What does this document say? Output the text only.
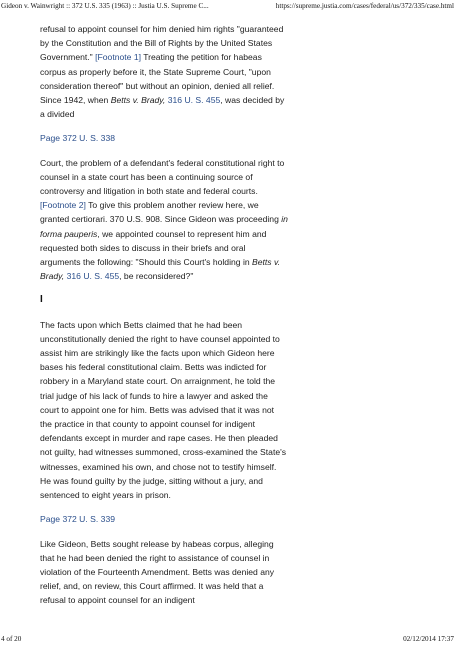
Gideon v. Wainwright :: 372 U.S. 335 (1963) :: Justia U.S. Supreme C...	https://supreme.justia.com/cases/federal/us/372/335/case.html

refusal to appoint counsel for him denied him rights "guaranteed by the Constitution and the Bill of Rights by the United States Government." [Footnote 1] Treating the petition for habeas corpus as properly before it, the State Supreme Court, "upon consideration thereof" but without an opinion, denied all relief. Since 1942, when Betts v. Brady, 316 U. S. 455, was decided by a divided

Page 372 U. S. 338

Court, the problem of a defendant's federal constitutional right to counsel in a state court has been a continuing source of controversy and litigation in both state and federal courts. [Footnote 2] To give this problem another review here, we granted certiorari. 370 U.S. 908. Since Gideon was proceeding in forma pauperis, we appointed counsel to represent him and requested both sides to discuss in their briefs and oral arguments the following: "Should this Court's holding in Betts v. Brady, 316 U. S. 455, be reconsidered?"

I

The facts upon which Betts claimed that he had been unconstitutionally denied the right to have counsel appointed to assist him are strikingly like the facts upon which Gideon here bases his federal constitutional claim. Betts was indicted for robbery in a Maryland state court. On arraignment, he told the trial judge of his lack of funds to hire a lawyer and asked the court to appoint one for him. Betts was advised that it was not the practice in that county to appoint counsel for indigent defendants except in murder and rape cases. He then pleaded not guilty, had witnesses summoned, cross-examined the State's witnesses, examined his own, and chose not to testify himself. He was found guilty by the judge, sitting without a jury, and sentenced to eight years in prison.

Page 372 U. S. 339

Like Gideon, Betts sought release by habeas corpus, alleging that he had been denied the right to assistance of counsel in violation of the Fourteenth Amendment. Betts was denied any relief, and, on review, this Court affirmed. It was held that a refusal to appoint counsel for an indigent

4 of 20	02/12/2014 17:37
